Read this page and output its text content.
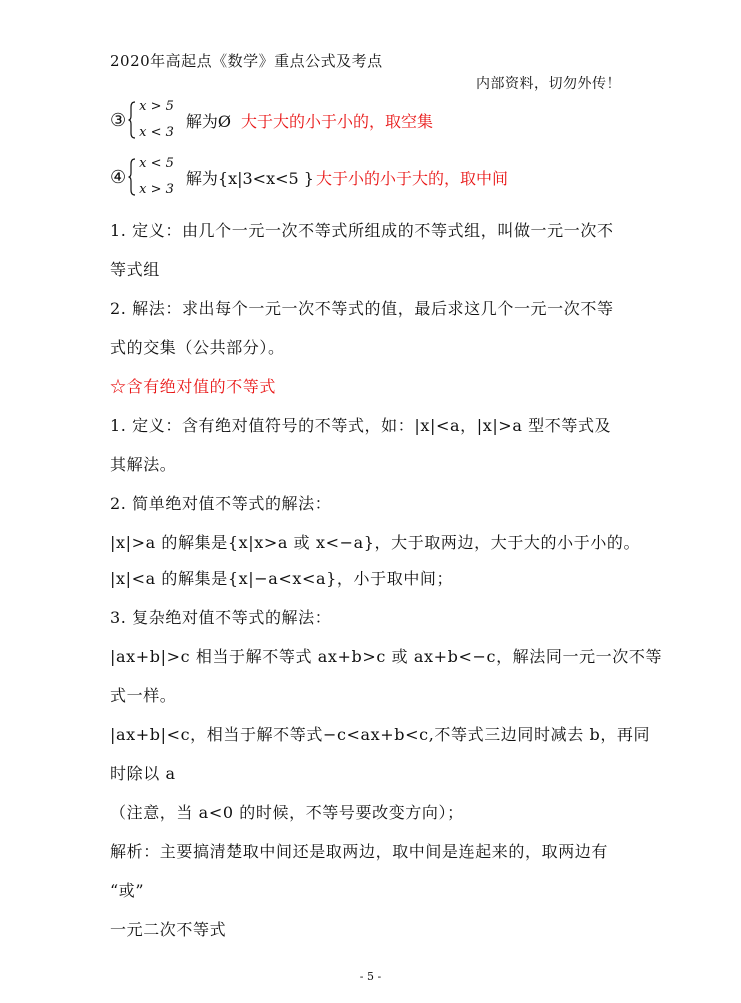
2020年高起点《数学》重点公式及考点
内部资料，切勿外传！
③
x > 5
x < 3
解为Ø 大于大的小于小的，取空集
④
x < 5
x > 3
解为{x|3<x<5 } 大于小的小于大的，取中间
1. 定义：由几个一元一次不等式所组成的不等式组，叫做一元一次不
等式组
2. 解法：求出每个一元一次不等式的值，最后求这几个一元一次不等
式的交集（公共部分）。
☆含有绝对值的不等式
1. 定义：含有绝对值符号的不等式，如：|x|<a，|x|>a 型不等式及
其解法。
2. 简单绝对值不等式的解法：
|x|>a 的解集是{x|x>a 或 x<−a}，大于取两边，大于大的小于小的。
|x|<a 的解集是{x|−a<x<a}，小于取中间；
3. 复杂绝对值不等式的解法：
|ax+b|>c 相当于解不等式 ax+b>c 或 ax+b<−c，解法同一元一次不等
式一样。
|ax+b|<c，相当于解不等式−c<ax+b<c,不等式三边同时减去 b，再同
时除以 a
（注意，当 a<0 的时候，不等号要改变方向）；
解析：主要搞清楚取中间还是取两边，取中间是连起来的，取两边有
“或”
一元二次不等式
- 5 -
